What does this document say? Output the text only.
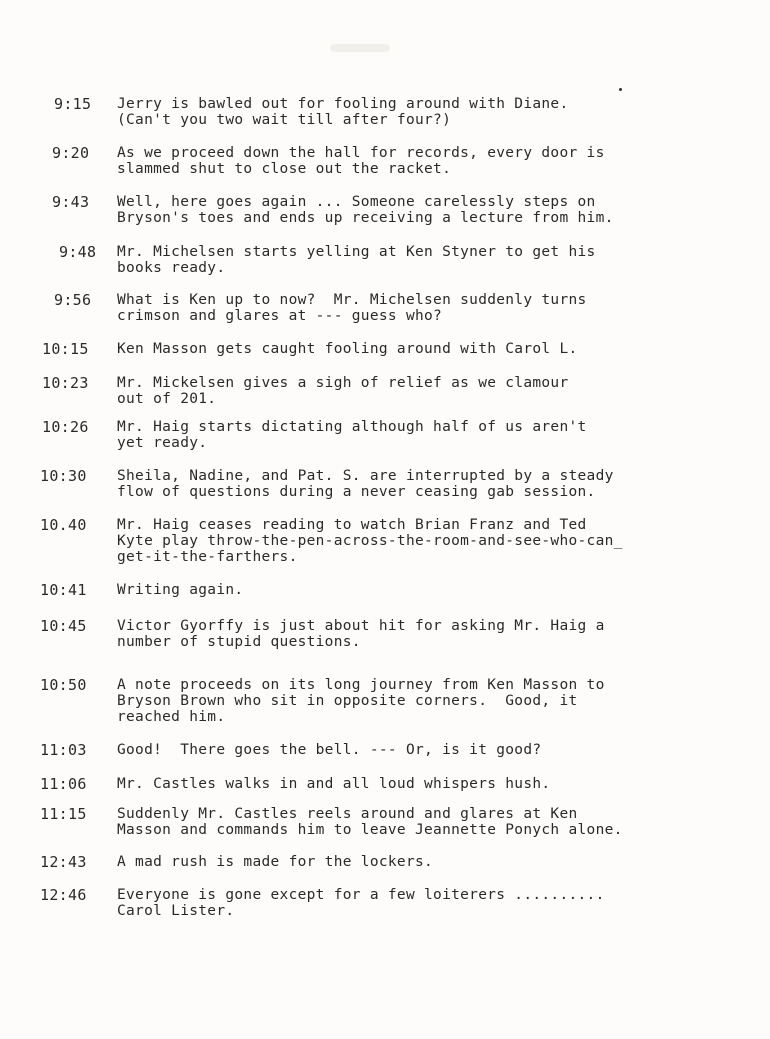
9:15 Jerry is bawled out for fooling around with Diane.
(Can't you two wait till after four?)
9:20 As we proceed down the hall for records, every door is
slammed shut to close out the racket.
9:43 Well, here goes again ... Someone carelessly steps on
Bryson's toes and ends up receiving a lecture from him.
9:48 Mr. Michelsen starts yelling at Ken Styner to get his
books ready.
9:56 What is Ken up to now?  Mr. Michelsen suddenly turns
crimson and glares at --- guess who?
10:15 Ken Masson gets caught fooling around with Carol L.
10:23 Mr. Mickelsen gives a sigh of relief as we clamour
out of 201.
10:26 Mr. Haig starts dictating although half of us aren't
yet ready.
10:30 Sheila, Nadine, and Pat. S. are interrupted by a steady
flow of questions during a never ceasing gab session.
10.40 Mr. Haig ceases reading to watch Brian Franz and Ted
Kyte play throw-the-pen-across-the-room-and-see-who-can_
get-it-the-farthers.
10:41 Writing again.
10:45 Victor Gyorffy is just about hit for asking Mr. Haig a
number of stupid questions.
10:50 A note proceeds on its long journey from Ken Masson to
Bryson Brown who sit in opposite corners.  Good, it
reached him.
11:03 Good!  There goes the bell. --- Or, is it good?
11:06 Mr. Castles walks in and all loud whispers hush.
11:15 Suddenly Mr. Castles reels around and glares at Ken
Masson and commands him to leave Jeannette Ponych alone.
12:43 A mad rush is made for the lockers.
12:46 Everyone is gone except for a few loiterers ..........
Carol Lister.
